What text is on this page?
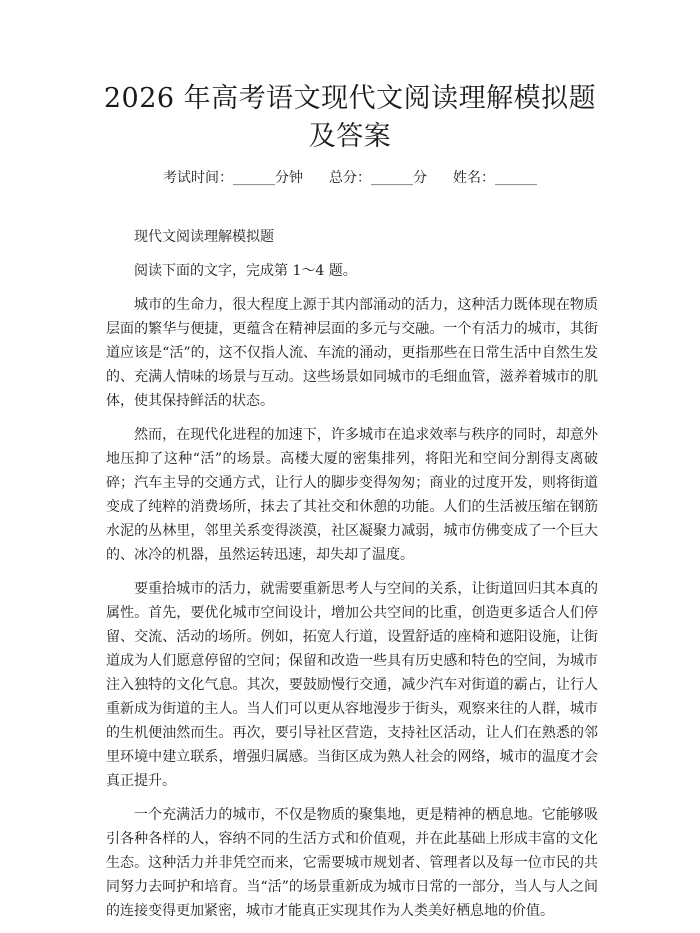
2026 年高考语文现代文阅读理解模拟题及答案
考试时间：______分钟 总分：______分 姓名：______

现代文阅读理解模拟题

阅读下面的文字，完成第 1～4 题。

城市的生命力，很大程度上源于其内部涌动的活力，这种活力既体现在物质层面的繁华与便捷，更蕴含在精神层面的多元与交融。一个有活力的城市，其街道应该是“活”的，这不仅指人流、车流的涌动，更指那些在日常生活中自然生发的、充满人情味的场景与互动。这些场景如同城市的毛细血管，滋养着城市的肌体，使其保持鲜活的状态。

然而，在现代化进程的加速下，许多城市在追求效率与秩序的同时，却意外地压抑了这种“活”的场景。高楼大厦的密集排列，将阳光和空间分割得支离破碎；汽车主导的交通方式，让行人的脚步变得匆匆；商业的过度开发，则将街道变成了纯粹的消费场所，抹去了其社交和休憩的功能。人们的生活被压缩在钢筋水泥的丛林里，邻里关系变得淡漠，社区凝聚力减弱，城市仿佛变成了一个巨大的、冰冷的机器，虽然运转迅速，却失却了温度。

要重拾城市的活力，就需要重新思考人与空间的关系，让街道回归其本真的属性。首先，要优化城市空间设计，增加公共空间的比重，创造更多适合人们停留、交流、活动的场所。例如，拓宽人行道，设置舒适的座椅和遮阳设施，让街道成为人们愿意停留的空间；保留和改造一些具有历史感和特色的空间，为城市注入独特的文化气息。其次，要鼓励慢行交通，减少汽车对街道的霸占，让行人重新成为街道的主人。当人们可以更从容地漫步于街头，观察来往的人群，城市的生机便油然而生。再次，要引导社区营造，支持社区活动，让人们在熟悉的邻里环境中建立联系，增强归属感。当街区成为熟人社会的网络，城市的温度才会真正提升。

一个充满活力的城市，不仅是物质的聚集地，更是精神的栖息地。它能够吸引各种各样的人，容纳不同的生活方式和价值观，并在此基础上形成丰富的文化生态。这种活力并非凭空而来，它需要城市规划者、管理者以及每一位市民的共同努力去呵护和培育。当“活”的场景重新成为城市日常的一部分，当人与人之间的连接变得更加紧密，城市才能真正实现其作为人类美好栖息地的价值。
